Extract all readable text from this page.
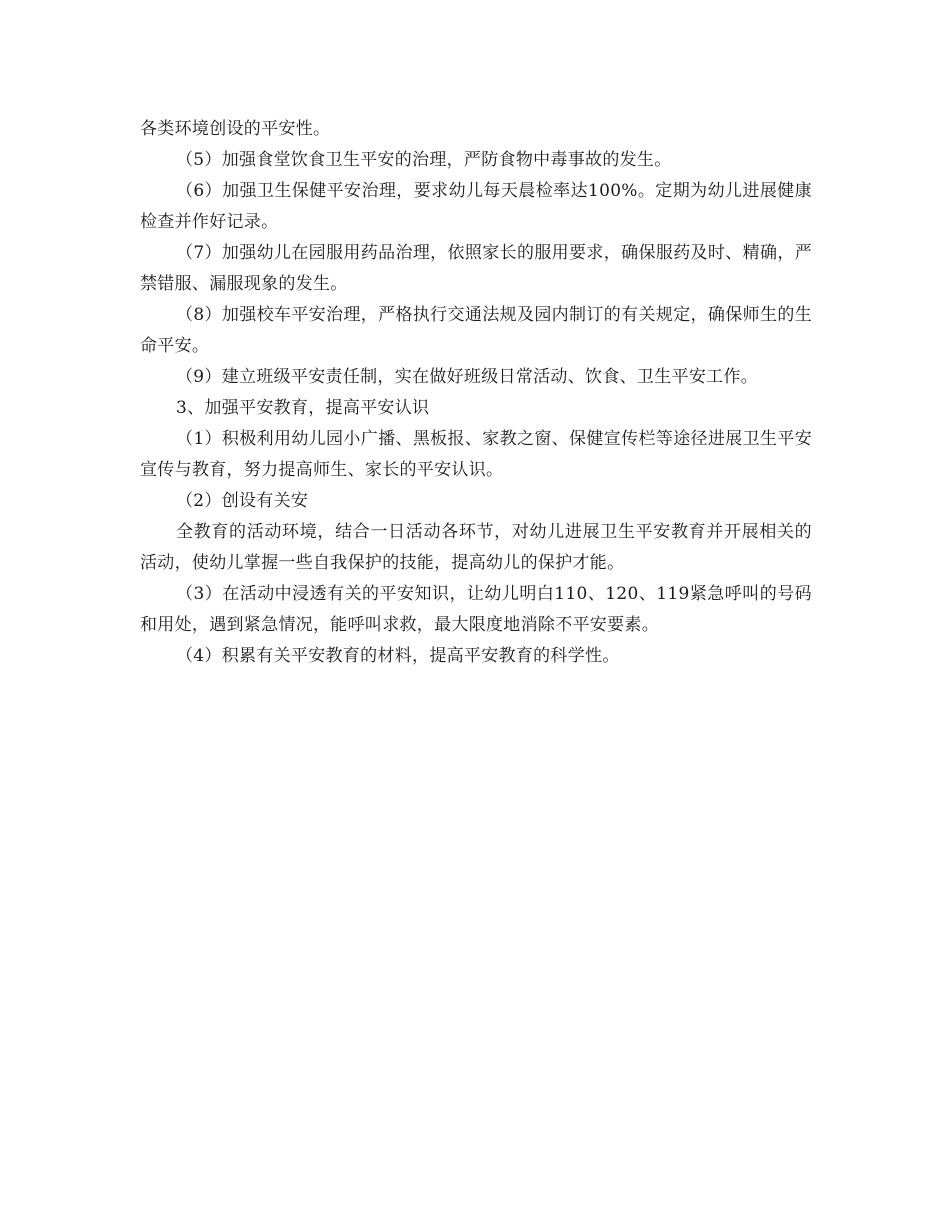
各类环境创设的平安性。

（5）加强食堂饮食卫生平安的治理，严防食物中毒事故的发生。

（6）加强卫生保健平安治理，要求幼儿每天晨检率达100%。定期为幼儿进展健康检查并作好记录。

（7）加强幼儿在园服用药品治理，依照家长的服用要求，确保服药及时、精确，严禁错服、漏服现象的发生。

（8）加强校车平安治理，严格执行交通法规及园内制订的有关规定，确保师生的生命平安。

（9）建立班级平安责任制，实在做好班级日常活动、饮食、卫生平安工作。

3、加强平安教育，提高平安认识

（1）积极利用幼儿园小广播、黑板报、家教之窗、保健宣传栏等途径进展卫生平安宣传与教育，努力提高师生、家长的平安认识。

（2）创设有关安

全教育的活动环境，结合一日活动各环节，对幼儿进展卫生平安教育并开展相关的活动，使幼儿掌握一些自我保护的技能，提高幼儿的保护才能。

（3）在活动中浸透有关的平安知识，让幼儿明白110、120、119紧急呼叫的号码和用处，遇到紧急情况，能呼叫求救，最大限度地消除不平安要素。

（4）积累有关平安教育的材料，提高平安教育的科学性。
